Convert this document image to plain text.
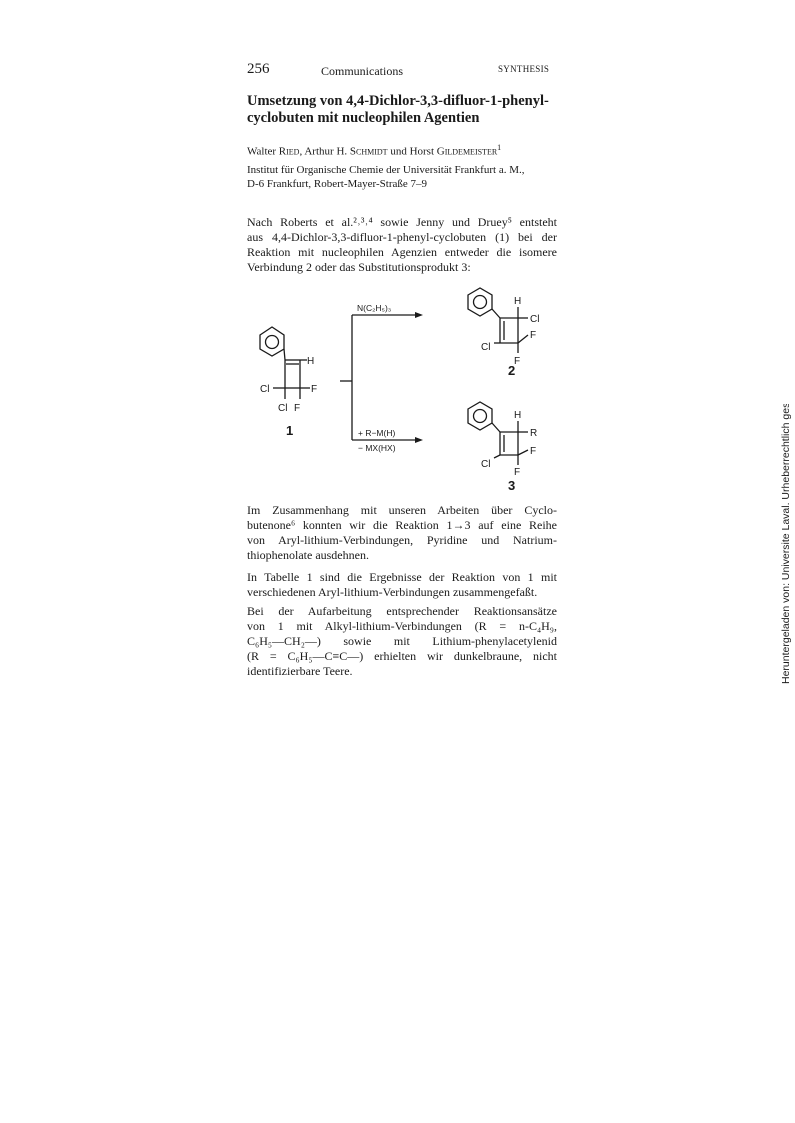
256	Communications	SYNTHESIS
Umsetzung von 4,4-Dichlor-3,3-difluor-1-phenyl-
cyclobuten mit nucleophilen Agentien
Walter Ried, Arthur H. Schmidt und Horst Gildemeister$^1$
Institut für Organische Chemie der Universität Frankfurt a. M.,
D-6 Frankfurt, Robert-Mayer-Straße 7–9
Nach Roberts et al.²˒³˒⁴ sowie Jenny und Druey⁵ entsteht
aus 4,4-Dichlor-3,3-difluor-1-phenyl-cyclobuten (1) bei der
Reaktion mit nucleophilen Agenzien entweder die isomere
Verbindung 2 oder das Substitutionsprodukt 3:
H
Cl	F
Cl F
H
Cl
F
Cl
F
H
R
F
Cl
F
N(C₂H₅)₃
+ R−M(H)
− MX(HX)
1
2
3
Im Zusammenhang mit unseren Arbeiten über Cyclo-
butenone⁶ konnten wir die Reaktion 1→3 auf eine Reihe
von Aryl-lithium-Verbindungen, Pyridine und Natrium-
thiophenolate ausdehnen.
In Tabelle 1 sind die Ergebnisse der Reaktion von 1 mit
verschiedenen Aryl-lithium-Verbindungen zusammengefaßt.
Bei der Aufarbeitung entsprechender Reaktionsansätze
von 1 mit Alkyl-lithium-Verbindungen (R = n-C₄H₉,
C₆H₅—CH₂—) sowie mit Lithium-phenylacetylenid
(R = C₆H₅—C≡C—) erhielten wir dunkelbraune, nicht
identifizierbare Teere.	Heruntergeladen von: Universite Laval. Urheberrechtlich geschützt.
